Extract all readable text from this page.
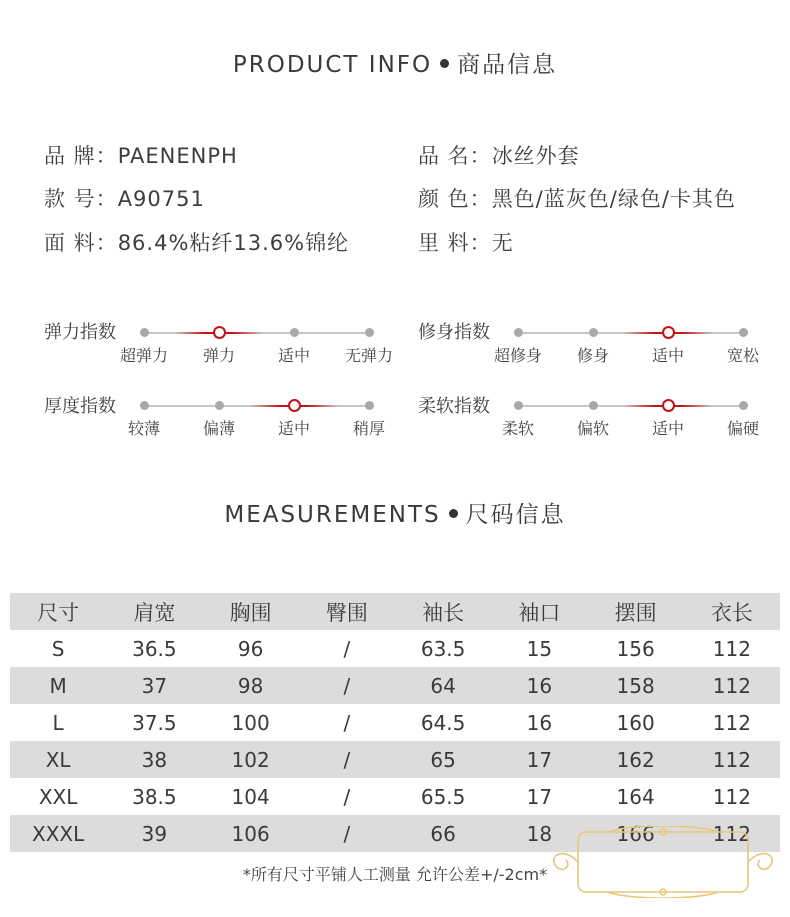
PRODUCT INFO 商品信息
品 牌：PAENENPH
款 号：A90751
面 料：86.4%粘纤13.6%锦纶
品 名：冰丝外套
颜 色：黑色/蓝灰色/绿色/卡其色
里 料：无
弹力指数
超弹力 弹力	适中 无弹力
修身指数
超修身 修身	适中	宽松
厚度指数
较薄	偏薄	适中	稍厚
柔软指数
柔软	偏软	适中	偏硬
MEASUREMENTS 尺码信息
尺寸	肩宽	胸围	臀围	袖长	袖口	摆围	衣长
S	36.5	96	/	63.5	15	156	112
M	37	98	/	64	16	158	112
L	37.5	100	/	64.5	16	160	112
XL	38	102	/	65	17	162	112
XXL	38.5	104	/	65.5	17	164	112
XXXL	39	106	/	66	18	166	112
*所有尺寸平铺人工测量 允许公差+/-2cm*
